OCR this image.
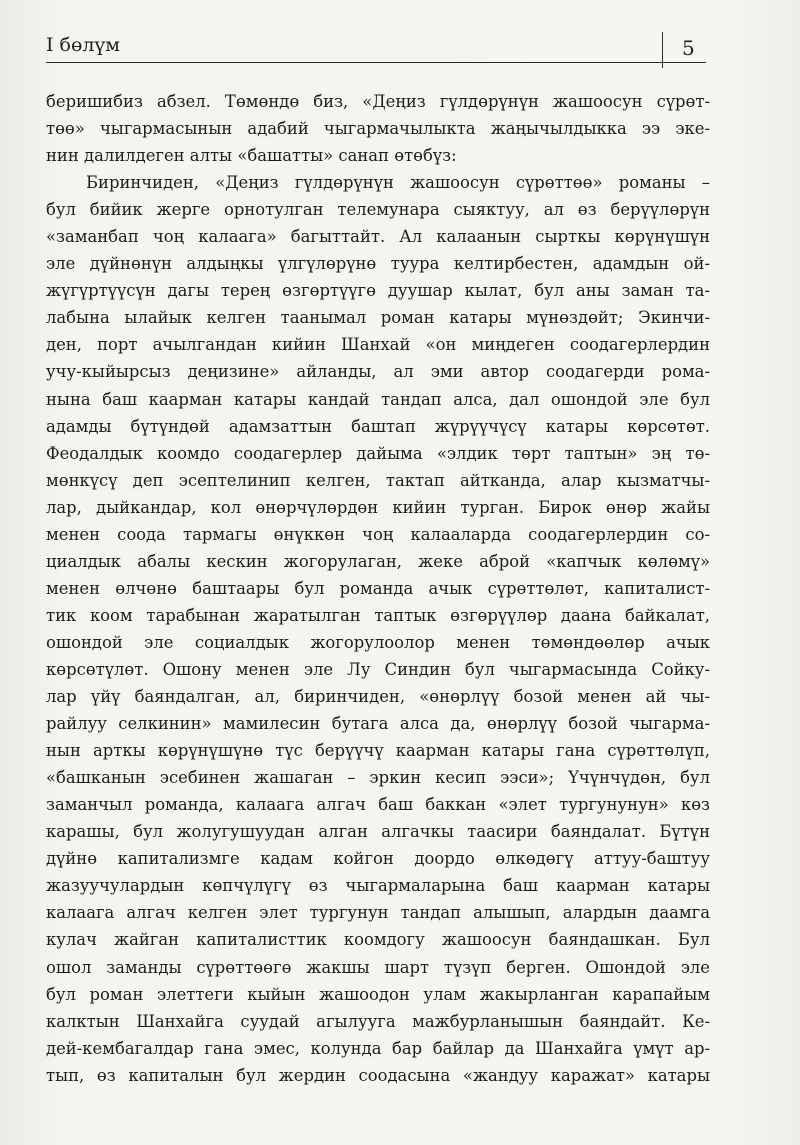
I бөлүм	5
беришибиз абзел. Төмөндө биз, «Деңиз гүлдөрүнүн жашоосун сүрөт-
төө» чыгармасынын адабий чыгармачылыкта жаңычылдыкка ээ эке-
нин далилдеген алты «башатты» санап өтөбүз:
Биринчиден, «Деңиз гүлдөрүнүн жашоосун сүрөттөө» романы –
бул бийик жерге орнотулган телемунара сыяктуу, ал өз берүүлөрүн
«заманбап чоң калаага» багыттайт. Ал калаанын сырткы көрүнүшүн
эле дүйнөнүн алдыңкы үлгүлөрүнө туура келтирбестен, адамдын ой-
жүгүртүүсүн дагы терең өзгөртүүгө дуушар кылат, бул аны заман та-
лабына ылайык келген таанымал роман катары мүнөздөйт; Экинчи-
ден, порт ачылгандан кийин Шанхай «он миңдеген соодагерлердин
учу-кыйырсыз деңизине» айланды, ал эми автор соодагерди рома-
нына баш каарман катары кандай тандап алса, дал ошондой эле бул
адамды бүтүндөй адамзаттын баштап жүрүүчүсү катары көрсөтөт.
Феодалдык коомдо соодагерлер дайыма «элдик төрт таптын» эң тө-
мөнкүсү деп эсептелинип келген, тактап айтканда, алар кызматчы-
лар, дыйкандар, кол өнөрчүлөрдөн кийин турган. Бирок өнөр жайы
менен соода тармагы өнүккөн чоң калааларда соодагерлердин со-
циалдык абалы кескин жогорулаган, жеке аброй «капчык көлөмү»
менен өлчөнө баштаары бул романда ачык сүрөттөлөт, капиталист-
тик коом тарабынан жаратылган таптык өзгөрүүлөр даана байкалат,
ошондой эле социалдык жогорулоолор менен төмөндөөлөр ачык
көрсөтүлөт. Ошону менен эле Лу Синдин бул чыгармасында Сойку-
лар үйү баяндалган, ал, биринчиден, «өнөрлүү бозой менен ай чы-
райлуу селкинин» мамилесин бутага алса да, өнөрлүү бозой чыгарма-
нын арткы көрүнүшүнө түс берүүчү каарман катары гана сүрөттөлүп,
«башканын эсебинен жашаган – эркин кесип ээси»; Үчүнчүдөн, бул
заманчыл романда, калаага алгач баш баккан «элет тургунунун» көз
карашы, бул жолугушуудан алган алгачкы таасири баяндалат. Бүтүн
дүйнө капитализмге кадам койгон доордо өлкөдөгү аттуу-баштуу
жазуучулардын көпчүлүгү өз чыгармаларына баш каарман катары
калаага алгач келген элет тургунун тандап алышып, алардын даамга
кулач жайган капиталисттик коомдогу жашоосун баяндашкан. Бул
ошол заманды сүрөттөөгө жакшы шарт түзүп берген. Ошондой эле
бул роман элеттеги кыйын жашоодон улам жакырланган карапайым
калктын Шанхайга суудай агылууга мажбурланышын баяндайт. Ке-
дей-кембагалдар гана эмес, колунда бар байлар да Шанхайга үмүт ар-
тып, өз капиталын бул жердин соодасына «жандуу каражат» катары
